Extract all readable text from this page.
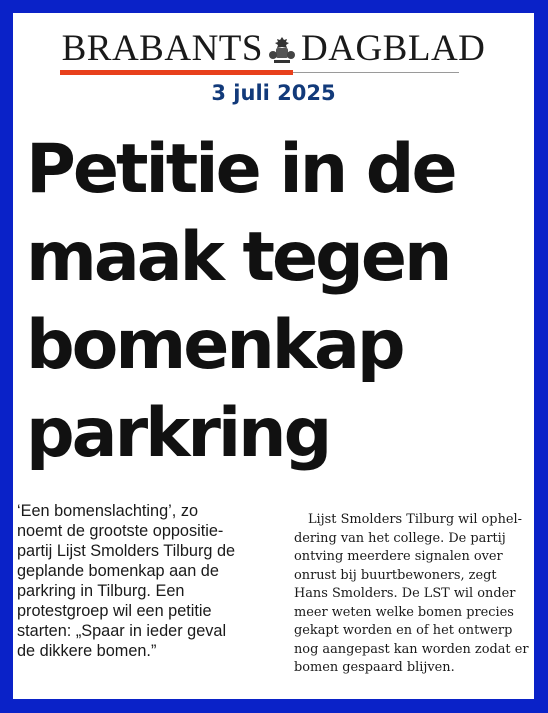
BRABANTS DAGBLAD
3 juli 2025
Petitie in de
maak tegen
bomenkap
parkring
‘Een bomenslachting’, zo
noemt de grootste oppositie-
partij Lijst Smolders Tilburg de
geplande bomenkap aan de
parkring in Tilburg. Een
protestgroep wil een petitie
starten: „Spaar in ieder geval
de dikkere bomen.”
Lijst Smolders Tilburg wil ophel-
dering van het college. De partij
ontving meerdere signalen over
onrust bij buurtbewoners, zegt
Hans Smolders. De LST wil onder
meer weten welke bomen precies
gekapt worden en of het ontwerp
nog aangepast kan worden zodat er
bomen gespaard blijven.
